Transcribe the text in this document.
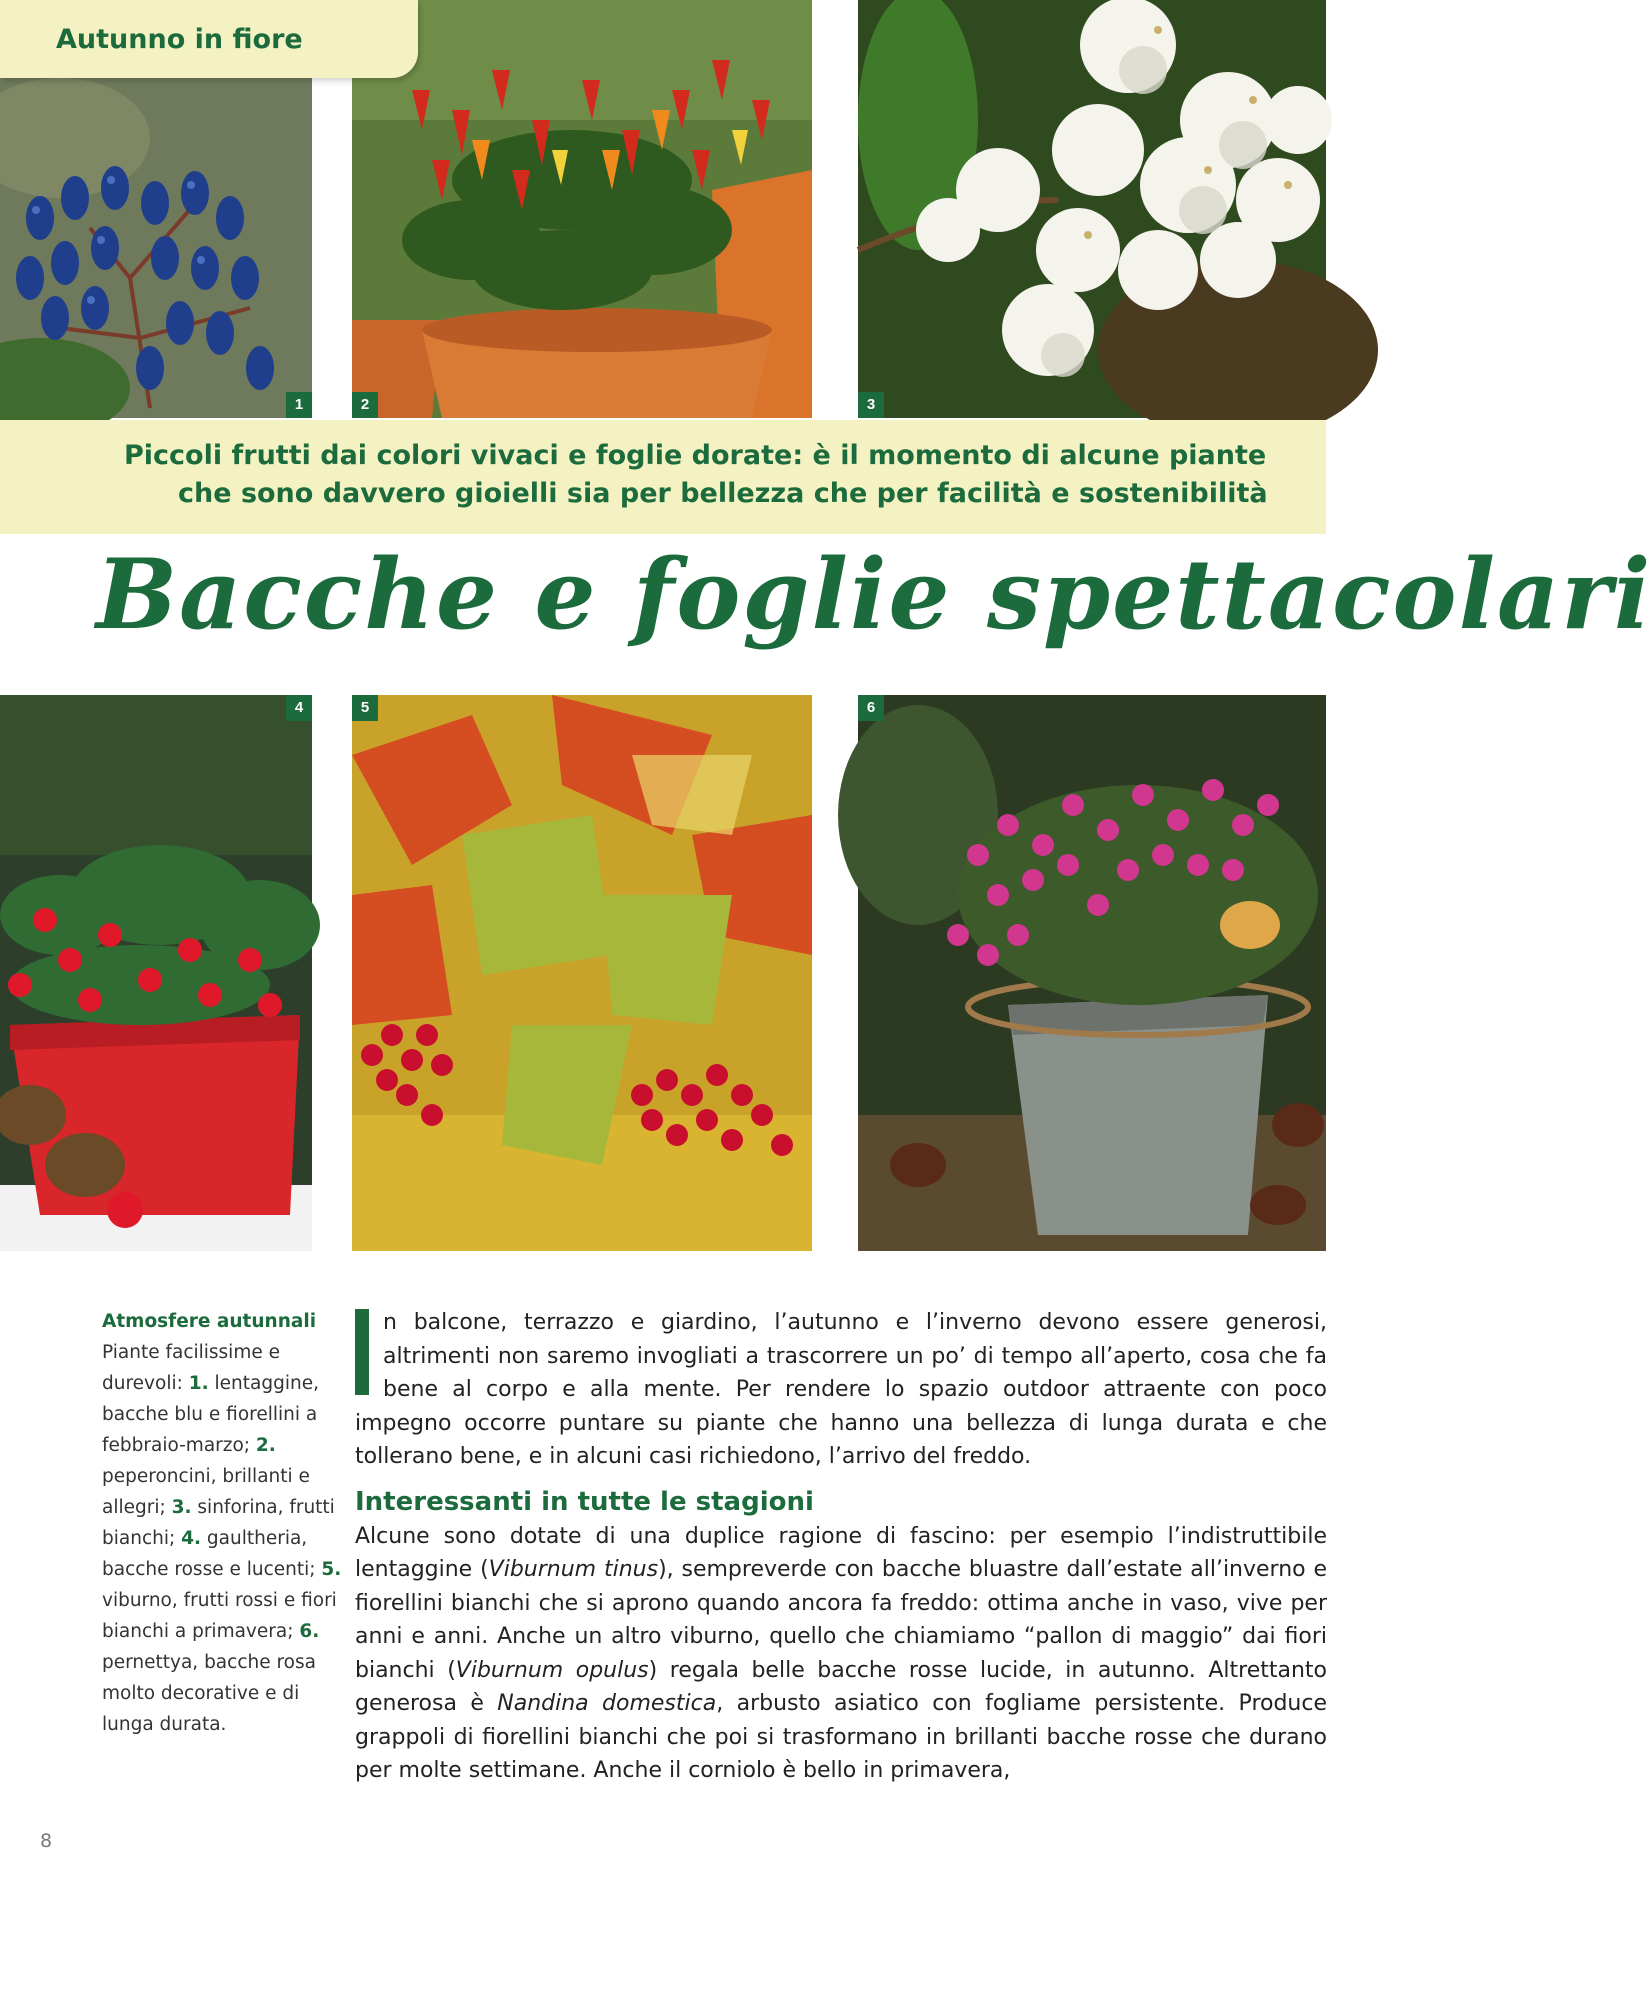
Autunno in fiore
1	2	3
Piccoli frutti dai colori vivaci e foglie dorate: è il momento di alcune piante
che sono davvero gioielli sia per bellezza che per facilità e sostenibilità
Bacche e foglie spettacolari
4	5	6
Atmosfere autunnali
Piante facilissime e durevoli: 1. lentaggine, bacche blu e fiorellini a febbraio-marzo; 2. peperoncini, brillanti e allegri; 3. sinforina, frutti bianchi; 4. gaultheria, bacche rosse e lucenti; 5. viburno, frutti rossi e fiori bianchi a primavera; 6. pernettya, bacche rosa molto decorative e di lunga durata.

n balcone, terrazzo e giardino, l’autunno e l’inverno devono essere generosi, altrimenti non saremo invogliati a trascorrere un po’ di tempo all’aperto, cosa che fa bene al corpo e alla mente. Per rendere lo spazio outdoor attraente con poco impegno occorre puntare su piante che hanno una bellezza di lunga durata e che tollerano bene, e in alcuni casi richiedono, l’arrivo del freddo.

Interessanti in tutte le stagioni

Alcune sono dotate di una duplice ragione di fascino: per esempio l’indistruttibile lentaggine (Viburnum tinus), sempreverde con bacche bluastre dall’estate all’inverno e fiorellini bianchi che si aprono quando ancora fa freddo: ottima anche in vaso, vive per anni e anni. Anche un altro viburno, quello che chiamiamo “pallon di maggio” dai fiori bianchi (Viburnum opulus) regala belle bacche rosse lucide, in autunno. Altrettanto generosa è Nandina domestica, arbusto asiatico con fogliame persistente. Produce grappoli di fiorellini bianchi che poi si trasformano in brillanti bacche rosse che durano per molte settimane. Anche il corniolo è bello in primavera,

8
